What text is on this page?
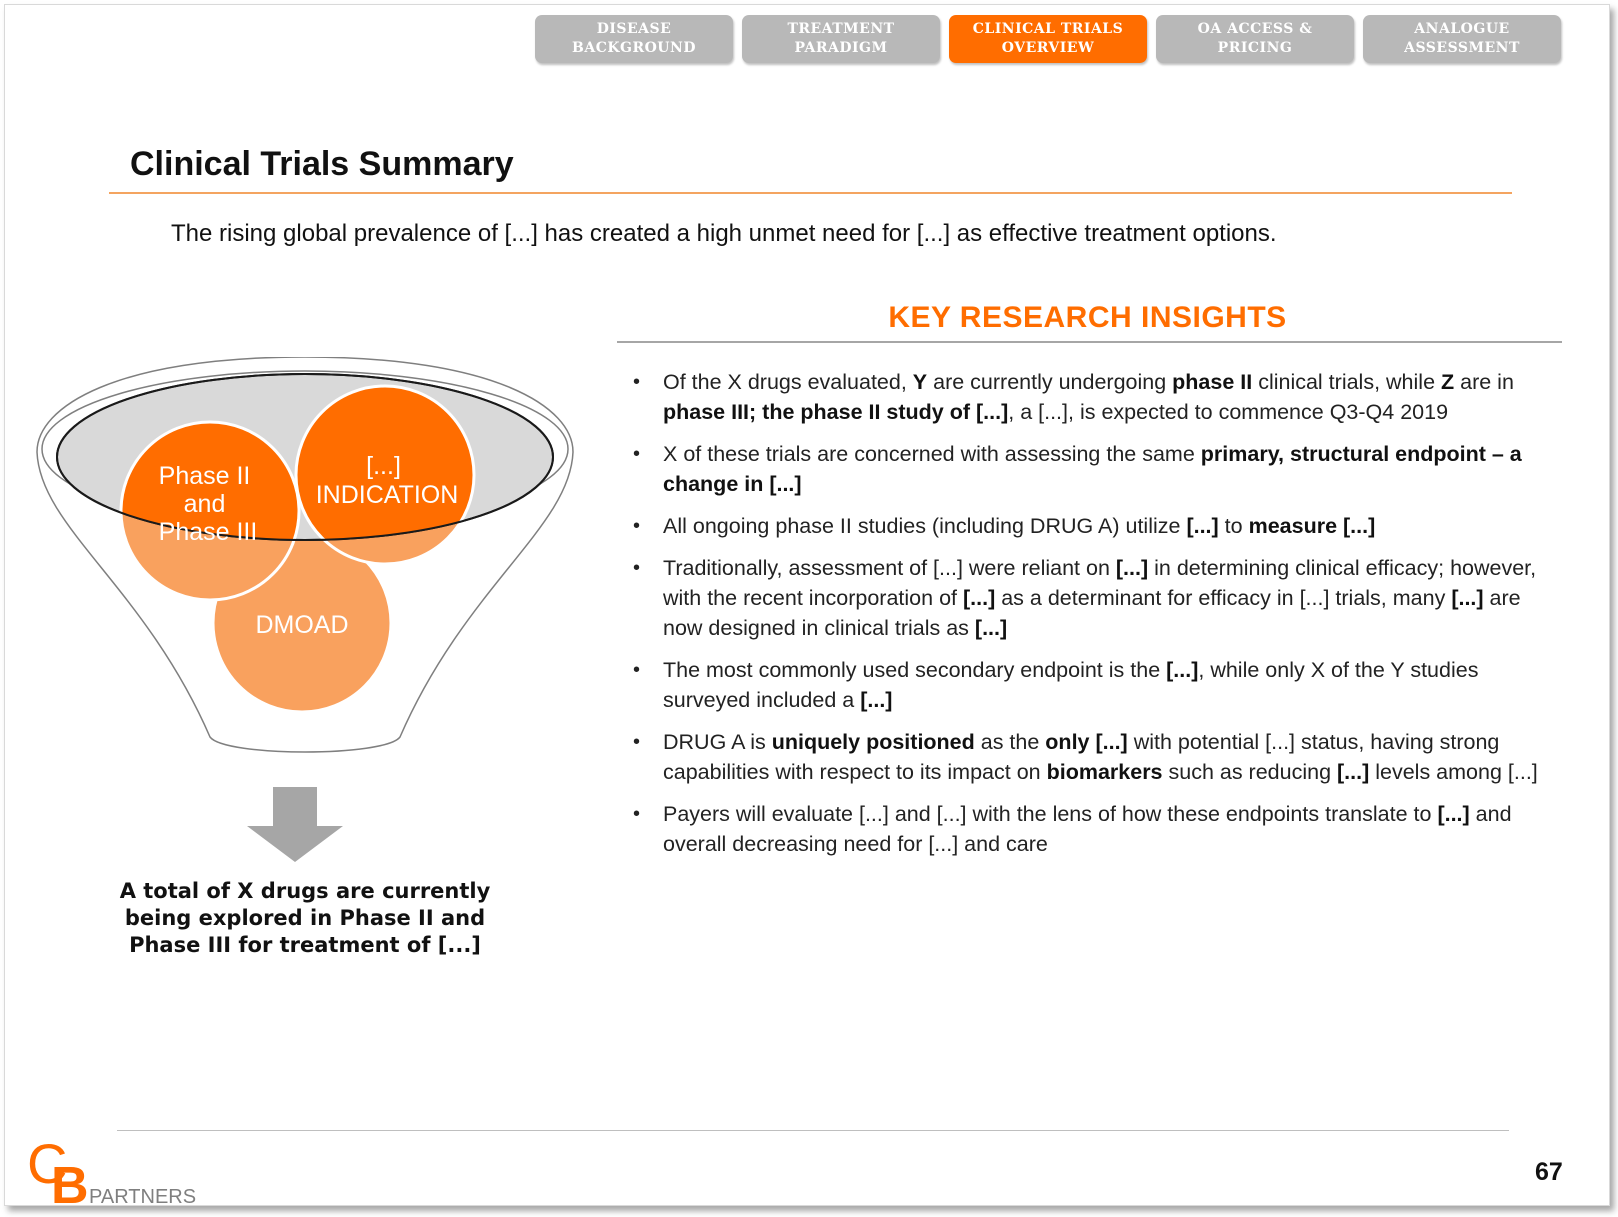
DISEASE BACKGROUND
TREATMENT PARADIGM
CLINICAL TRIALS OVERVIEW
OA ACCESS & PRICING
ANALOGUE ASSESSMENT
Clinical Trials Summary
The rising global prevalence of [...] has created a high unmet need for [...] as effective treatment options.
KEY RESEARCH INSIGHTS
• Of the X drugs evaluated, Y are currently undergoing phase II clinical trials, while Z are in phase III; the phase II study of [...], a [...], is expected to commence Q3-Q4 2019
• X of these trials are concerned with assessing the same primary, structural endpoint – a change in [...]
• All ongoing phase II studies (including DRUG A) utilize [...] to measure [...]
• Traditionally, assessment of [...] were reliant on [...] in determining clinical efficacy; however, with the recent incorporation of [...] as a determinant for efficacy in [...] trials, many [...] are now designed in clinical trials as [...]
• The most commonly used secondary endpoint is the [...], while only X of the Y studies surveyed included a [...]
• DRUG A is uniquely positioned as the only [...] with potential [...] status, having strong capabilities with respect to its impact on biomarkers such as reducing [...] levels among [...]
• Payers will evaluate [...] and [...] with the lens of how these endpoints translate to [...] and overall decreasing need for [...] and care
Phase II and Phase III
[...] INDICATION
DMOAD
A total of X drugs are currently being explored in Phase II and Phase III for treatment of [...]
C
B PARTNERS
67
